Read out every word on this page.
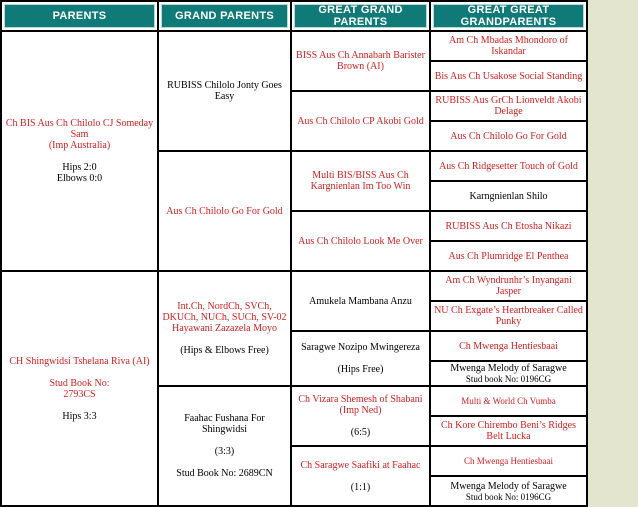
PARENTS	GRAND PARENTS	GREAT GRAND PARENTS
GREAT GREAT GRANDPARENTS
Ch BIS Aus Ch Chilolo CJ Someday Sam
(Imp Australia)
Hips 2:0
Elbows 0:0
CH Shingwidsi Tshelana Riva (AI)
Stud Book No:
2793CS
Hips 3:3
RUBISS Chilolo Jonty Goes Easy
Aus Ch Chilolo Go For Gold
Int.Ch, NordCh, SVCh, DKUCh, NUCh, SUCh, SV-02 Hayawani Zazazela Moyo
(Hips & Elbows Free)
Faahac Fushana For Shingwidsi
(3:3)
Stud Book No: 2689CN
BISS Aus Ch Annabarh Barister Brown (AI)
Aus Ch Chilolo CP Akobi Gold
Multi BIS/BISS Aus Ch Kargnienlan Im Too Win
Aus Ch Chilolo Look Me Over
Amukela Mambana Anzu
Saragwe Nozipo Mwingereza
(Hips Free)
Ch Vizara Shemesh of Shabani (Imp Ned)
(6:5)
Ch Saragwe Saafiki at Faahac
(1:1)
Am Ch Mbadas Mhondoro of Iskandar
Bis Aus Ch Usakose Social Standing
RUBISS Aus GrCh Lionveldt Akobi Delage
Aus Ch Chilolo Go For Gold
Aus Ch Ridgesetter Touch of Gold
Karngnienlan Shilo
RUBISS Aus Ch Etosha Nikazi
Aus Ch Plumridge El Penthea
Am Ch Wyndrunhr’s Inyangani Jasper
NU Ch Exgate’s Heartbreaker Called Punky
Ch Mwenga Hentiesbaai
Mwenga Melody of Saragwe
Stud book No: 0196CG
Multi & World Ch Vumba
Ch Kore Chirembo Beni’s Ridges Belt Lucka
Ch Mwenga Hentiesbaai
Mwenga Melody of Saragwe
Stud book No: 0196CG
